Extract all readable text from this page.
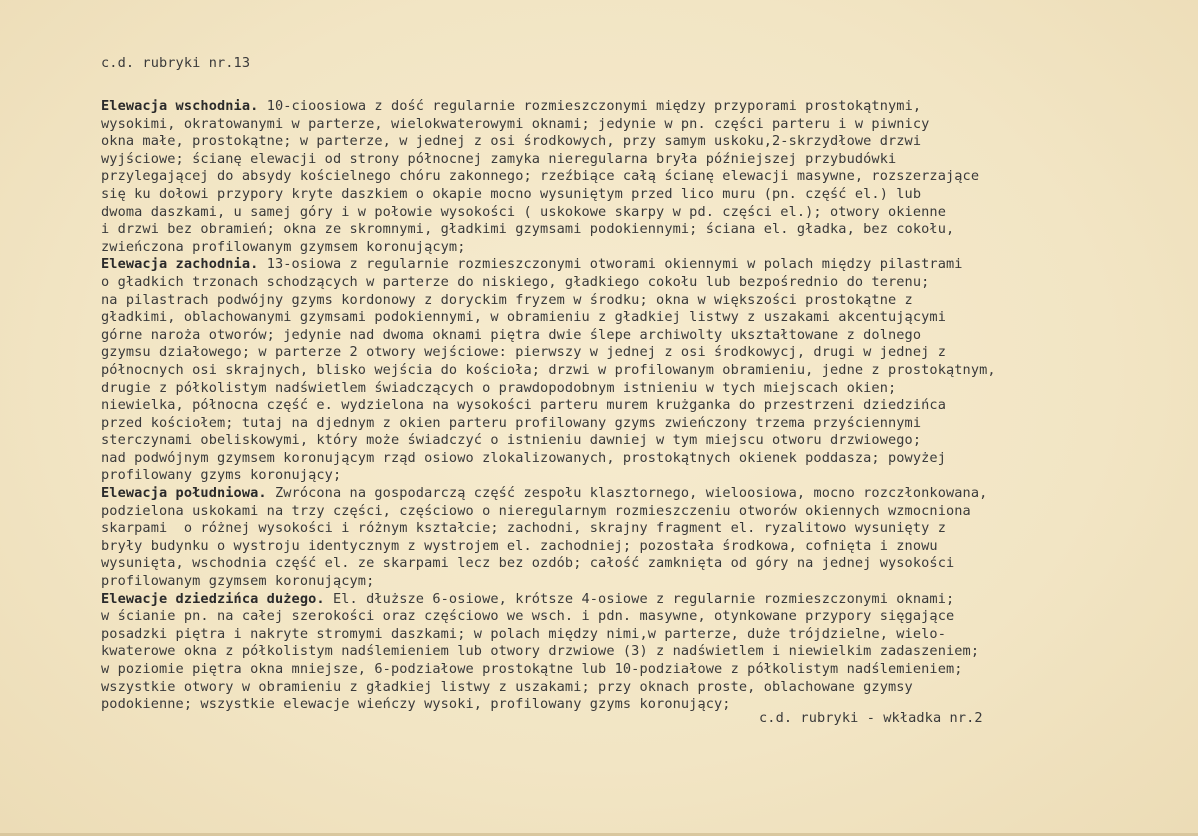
c.d. rubryki nr.13
Elewacja wschodnia. 10-cioosiowa z dość regularnie rozmieszczonymi między przyporami prostokątnymi,
wysokimi, okratowanymi w parterze, wielokwaterowymi oknami; jedynie w pn. części parteru i w piwnicy
okna małe, prostokątne; w parterze, w jednej z osi środkowych, przy samym uskoku,2-skrzydłowe drzwi
wyjściowe; ścianę elewacji od strony północnej zamyka nieregularna bryła późniejszej przybudówki
przylegającej do absydy kościelnego chóru zakonnego; rzeźbiące całą ścianę elewacji masywne, rozszerzające
się ku dołowi przypory kryte daszkiem o okapie mocno wysuniętym przed lico muru (pn. część el.) lub
dwoma daszkami, u samej góry i w połowie wysokości ( uskokowe skarpy w pd. części el.); otwory okienne
i drzwi bez obramień; okna ze skromnymi, gładkimi gzymsami podokiennymi; ściana el. gładka, bez cokołu,
zwieńczona profilowanym gzymsem koronującym;
Elewacja zachodnia. 13-osiowa z regularnie rozmieszczonymi otworami okiennymi w polach między pilastrami
o gładkich trzonach schodzących w parterze do niskiego, gładkiego cokołu lub bezpośrednio do terenu;
na pilastrach podwójny gzyms kordonowy z doryckim fryzem w środku; okna w większości prostokątne z
gładkimi, oblachowanymi gzymsami podokiennymi, w obramieniu z gładkiej listwy z uszakami akcentującymi
górne naroża otworów; jedynie nad dwoma oknami piętra dwie ślepe archiwolty ukształtowane z dolnego
gzymsu działowego; w parterze 2 otwory wejściowe: pierwszy w jednej z osi środkowycj, drugi w jednej z
północnych osi skrajnych, blisko wejścia do kościoła; drzwi w profilowanym obramieniu, jedne z prostokątnym,
drugie z półkolistym nadświetlem świadczących o prawdopodobnym istnieniu w tych miejscach okien;
niewielka, północna część e. wydzielona na wysokości parteru murem krużganka do przestrzeni dziedzińca
przed kościołem; tutaj na djednym z okien parteru profilowany gzyms zwieńczony trzema przyściennymi
sterczynami obeliskowymi, który może świadczyć o istnieniu dawniej w tym miejscu otworu drzwiowego;
nad podwójnym gzymsem koronującym rząd osiowo zlokalizowanych, prostokątnych okienek poddasza; powyżej
profilowany gzyms koronujący;
Elewacja południowa. Zwrócona na gospodarczą część zespołu klasztornego, wieloosiowa, mocno rozczłonkowana,
podzielona uskokami na trzy części, częściowo o nieregularnym rozmieszczeniu otworów okiennych wzmocniona
skarpami  o różnej wysokości i różnym kształcie; zachodni, skrajny fragment el. ryzalitowo wysunięty z
bryły budynku o wystroju identycznym z wystrojem el. zachodniej; pozostała środkowa, cofnięta i znowu
wysunięta, wschodnia część el. ze skarpami lecz bez ozdób; całość zamknięta od góry na jednej wysokości
profilowanym gzymsem koronującym;
Elewacje dziedzińca dużego. El. dłuższe 6-osiowe, krótsze 4-osiowe z regularnie rozmieszczonymi oknami;
w ścianie pn. na całej szerokości oraz częściowo we wsch. i pdn. masywne, otynkowane przypory sięgające
posadzki piętra i nakryte stromymi daszkami; w polach między nimi,w parterze, duże trójdzielne, wielo-
kwaterowe okna z półkolistym nadślemieniem lub otwory drzwiowe (3) z nadświetlem i niewielkim zadaszeniem;
w poziomie piętra okna mniejsze, 6-podziałowe prostokątne lub 10-podziałowe z półkolistym nadślemieniem;
wszystkie otwory w obramieniu z gładkiej listwy z uszakami; przy oknach proste, oblachowane gzymsy
podokienne; wszystkie elewacje wieńczy wysoki, profilowany gzyms koronujący;
c.d. rubryki - wkładka nr.2
